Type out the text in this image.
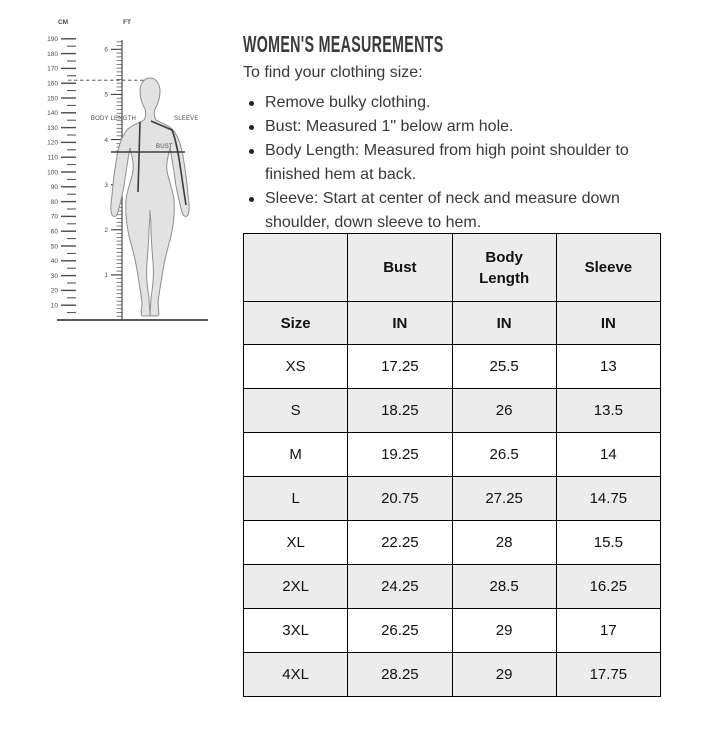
CM	FT
190
180
170
160
150
140
130
120
110
100
90
80
70
60
50
40
30
20
10
6
5
4
3
2
1
BODY LENGTH	SLEEVE
BUST
WOMEN'S MEASUREMENTS

To find your clothing size:

Remove bulky clothing.
Bust: Measured 1" below arm hole.
Body Length: Measured from high point shoulder to finished hem at back.
Sleeve: Start at center of neck and measure down shoulder, down sleeve to hem.
	Bust	Body Length	Sleeve
Size	IN	IN	IN
XS	17.25	25.5	13
S	18.25	26	13.5
M	19.25	26.5	14
L	20.75	27.25	14.75
XL	22.25	28	15.5
2XL	24.25	28.5	16.25
3XL	26.25	29	17
4XL	28.25	29	17.75
